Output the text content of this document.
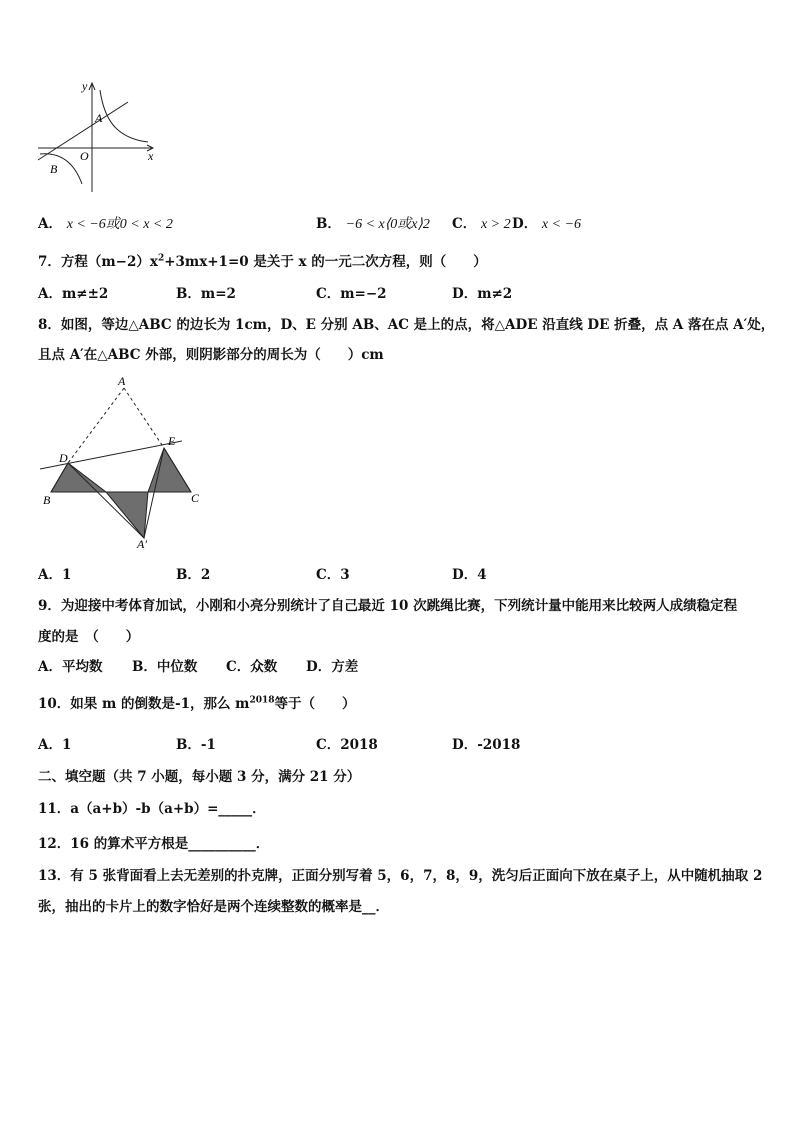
y
x
A
O
B
A． x < −6或0 < x < 2	B． −6 < x⟨0或x⟩2 C． x > 2 D． x < −6
7．方程$(m-2)x^2+3mx+1=0$ 是关于 x 的一元二次方程，则（　　）
A．m≠±2	B．m=2	C．m=−2	D．m≠2
8．如图，等边△ABC 的边长为 1cm，D、E 分别 AB、AC 是上的点，将△ADE 沿直线 DE 折叠，点 A 落在点 A′处，
且点 A′在△ABC 外部，则阴影部分的周长为（　　）cm
A
E
D
B	C
A′
A．1	B．2	C．3	D．4
9．为迎接中考体育加试，小刚和小亮分别统计了自己最近 10 次跳绳比赛，下列统计量中能用来比较两人成绩稳定程
度的是　（　　）
A．平均数 B．中位数 C．众数 D．方差
10．如果 m 的倒数是-1，那么 $m^{2018}$等于（　　）
A．1	B．-1	C．2018	D．-2018
二、填空题（共 7 小题，每小题 3 分，满分 21 分）
11．a（a+b）-b（a+b）=_____．
12．16 的算术平方根是__________．
13．有 5 张背面看上去无差别的扑克牌，正面分别写着 5，6，7，8，9，洗匀后正面向下放在桌子上，从中随机抽取 2
张，抽出的卡片上的数字恰好是两个连续整数的概率是__．
